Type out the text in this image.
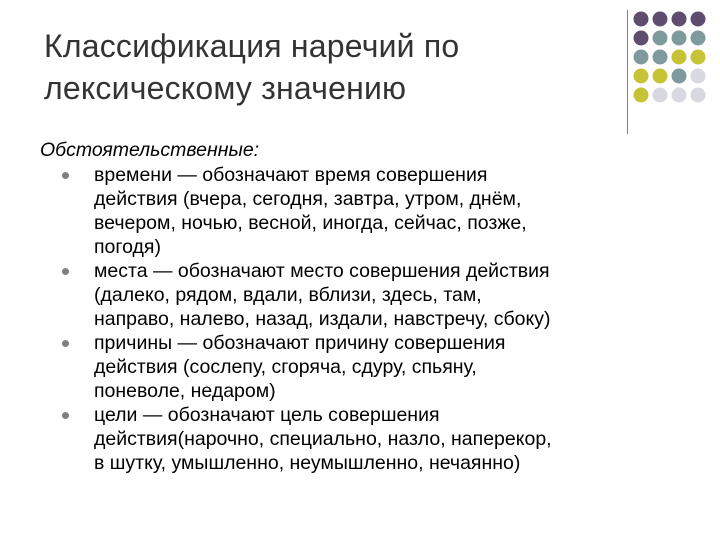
Классификация наречий по
лексическому значению

Обстоятельственные:

времени — обозначают время совершения
действия (вчера, сегодня, завтра, утром, днём,
вечером, ночью, весной, иногда, сейчас, позже,
погодя)
места — обозначают место совершения действия
(далеко, рядом, вдали, вблизи, здесь, там,
направо, налево, назад, издали, навстречу, сбоку)
причины — обозначают причину совершения
действия (сослепу, сгоряча, сдуру, спьяну,
поневоле, недаром)
цели — обозначают цель совершения
действия(нарочно, специально, назло, наперекор,
в шутку, умышленно, неумышленно, нечаянно)
